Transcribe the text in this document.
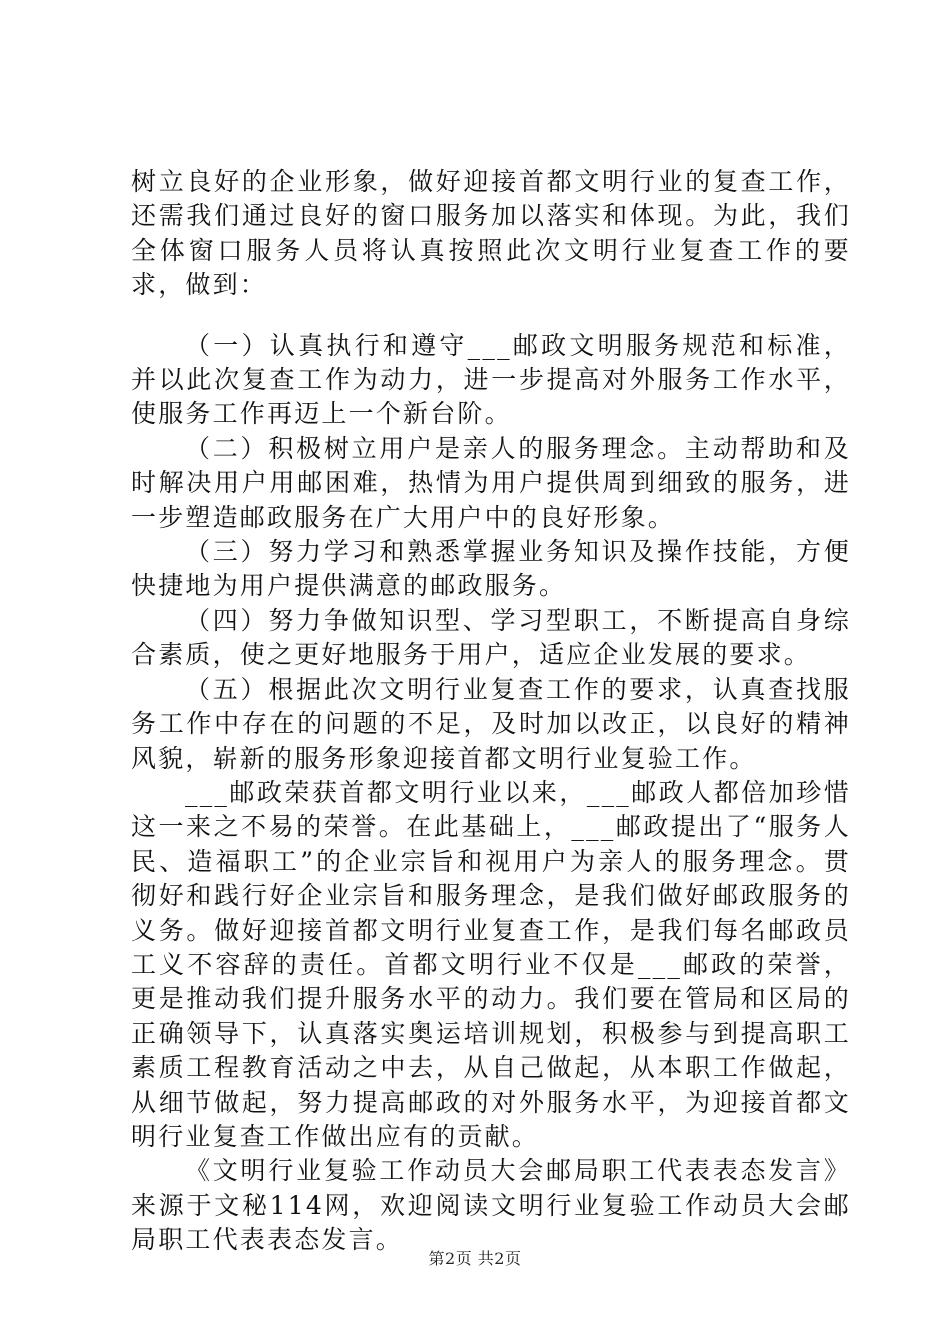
树立良好的企业形象，做好迎接首都文明行业的复查工作，还需我们通过良好的窗口服务加以落实和体现。为此，我们全体窗口服务人员将认真按照此次文明行业复查工作的要求，做到：

（一）认真执行和遵守___邮政文明服务规范和标准，并以此次复查工作为动力，进一步提高对外服务工作水平，使服务工作再迈上一个新台阶。

（二）积极树立用户是亲人的服务理念。主动帮助和及时解决用户用邮困难，热情为用户提供周到细致的服务，进一步塑造邮政服务在广大用户中的良好形象。

（三）努力学习和熟悉掌握业务知识及操作技能，方便快捷地为用户提供满意的邮政服务。

（四）努力争做知识型、学习型职工，不断提高自身综合素质，使之更好地服务于用户，适应企业发展的要求。

（五）根据此次文明行业复查工作的要求，认真查找服务工作中存在的问题的不足，及时加以改正，以良好的精神风貌，崭新的服务形象迎接首都文明行业复验工作。

___邮政荣获首都文明行业以来，___邮政人都倍加珍惜这一来之不易的荣誉。在此基础上，___邮政提出了“服务人民、造福职工”的企业宗旨和视用户为亲人的服务理念。贯彻好和践行好企业宗旨和服务理念，是我们做好邮政服务的义务。做好迎接首都文明行业复查工作，是我们每名邮政员工义不容辞的责任。首都文明行业不仅是___邮政的荣誉，更是推动我们提升服务水平的动力。我们要在管局和区局的正确领导下，认真落实奥运培训规划，积极参与到提高职工素质工程教育活动之中去，从自己做起，从本职工作做起，从细节做起，努力提高邮政的对外服务水平，为迎接首都文明行业复查工作做出应有的贡献。

《文明行业复验工作动员大会邮局职工代表表态发言》来源于文秘114网，欢迎阅读文明行业复验工作动员大会邮局职工代表表态发言。

第2页 共2页
